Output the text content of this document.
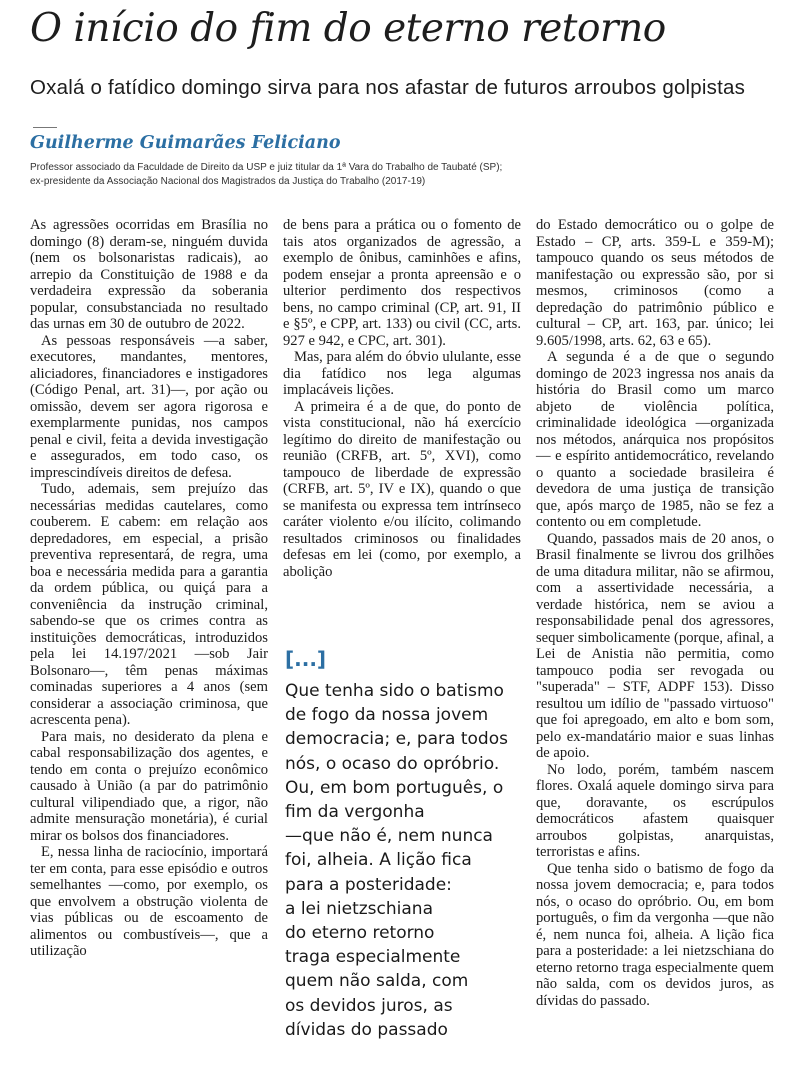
O início do fim do eterno retorno
Oxalá o fatídico domingo sirva para nos afastar de futuros arroubos golpistas
Guilherme Guimarães Feliciano
Professor associado da Faculdade de Direito da USP e juiz titular da 1ª Vara do Trabalho de Taubaté (SP);
ex-presidente da Associação Nacional dos Magistrados da Justiça do Trabalho (2017-19)

As agressões ocorridas em Brasília no domingo (8) deram-se, ninguém duvida (nem os bolsonaristas radicais), ao arrepio da Constituição de 1988 e da verdadeira expressão da soberania popular, consubstanciada no resultado das urnas em 30 de outubro de 2022.

As pessoas responsáveis —a saber, executores, mandantes, mentores, aliciadores, financiadores e instigadores (Código Penal, art. 31)—, por ação ou omissão, devem ser agora rigorosa e exemplarmente punidas, nos campos penal e civil, feita a devida investigação e assegurados, em todo caso, os imprescindíveis direitos de defesa.

Tudo, ademais, sem prejuízo das necessárias medidas cautelares, como couberem. E cabem: em relação aos depredadores, em especial, a prisão preventiva representará, de regra, uma boa e necessária medida para a garantia da ordem pública, ou quiçá para a conveniência da instrução criminal, sabendo-se que os crimes contra as instituições democráticas, introduzidos pela lei 14.197/2021 —sob Jair Bolsonaro—, têm penas máximas cominadas superiores a 4 anos (sem considerar a associação criminosa, que acrescenta pena).

Para mais, no desiderato da plena e cabal responsabilização dos agentes, e tendo em conta o prejuízo econômico causado à União (a par do patrimônio cultural vilipendiado que, a rigor, não admite mensuração monetária), é curial mirar os bolsos dos financiadores.

E, nessa linha de raciocínio, importará ter em conta, para esse episódio e outros semelhantes —como, por exemplo, os que envolvem a obstrução violenta de vias públicas ou de escoamento de alimentos ou combustíveis—, que a utilização

de bens para a prática ou o fomento de tais atos organizados de agressão, a exemplo de ônibus, caminhões e afins, podem ensejar a pronta apreensão e o ulterior perdimento dos respectivos bens, no campo criminal (CP, art. 91, II e §5º, e CPP, art. 133) ou civil (CC, arts. 927 e 942, e CPC, art. 301).

Mas, para além do óbvio ululante, esse dia fatídico nos lega algumas implacáveis lições.

A primeira é a de que, do ponto de vista constitucional, não há exercício legítimo do direito de manifestação ou reunião (CRFB, art. 5º, XVI), como tampouco de liberdade de expressão (CRFB, art. 5º, IV e IX), quando o que se manifesta ou expressa tem intrínseco caráter violento e/ou ilícito, colimando resultados criminosos ou finalidades defesas em lei (como, por exemplo, a abolição

do Estado democrático ou o golpe de Estado – CP, arts. 359-L e 359-M); tampouco quando os seus métodos de manifestação ou expressão são, por si mesmos, criminosos (como a depredação do patrimônio público e cultural – CP, art. 163, par. único; lei 9.605/1998, arts. 62, 63 e 65).

A segunda é a de que o segundo domingo de 2023 ingressa nos anais da história do Brasil como um marco abjeto de violência política, criminalidade ideológica —organizada nos métodos, anárquica nos propósitos— e espírito antidemocrático, revelando o quanto a sociedade brasileira é devedora de uma justiça de transição que, após março de 1985, não se fez a contento ou em completude.

Quando, passados mais de 20 anos, o Brasil finalmente se livrou dos grilhões de uma ditadura militar, não se afirmou, com a assertividade necessária, a verdade histórica, nem se aviou a responsabilidade penal dos agressores, sequer simbolicamente (porque, afinal, a Lei de Anistia não permitia, como tampouco podia ser revogada ou "superada" – STF, ADPF 153). Disso resultou um idílio de "passado virtuoso" que foi apregoado, em alto e bom som, pelo ex-mandatário maior e suas linhas de apoio.

No lodo, porém, também nascem flores. Oxalá aquele domingo sirva para que, doravante, os escrúpulos democráticos afastem quaisquer arroubos golpistas, anarquistas, terroristas e afins.

Que tenha sido o batismo de fogo da nossa jovem democracia; e, para todos nós, o ocaso do opróbrio. Ou, em bom português, o fim da vergonha —que não é, nem nunca foi, alheia. A lição fica para a posteridade: a lei nietzschiana do eterno retorno traga especialmente quem não salda, com os devidos juros, as dívidas do passado.

[...]
Que tenha sido o batismo
de fogo da nossa jovem
democracia; e, para todos
nós, o ocaso do opróbrio.
Ou, em bom português, o
fim da vergonha
—que não é, nem nunca
foi, alheia. A lição fica
para a posteridade:
a lei nietzschiana
do eterno retorno
traga especialmente
quem não salda, com
os devidos juros, as
dívidas do passado
